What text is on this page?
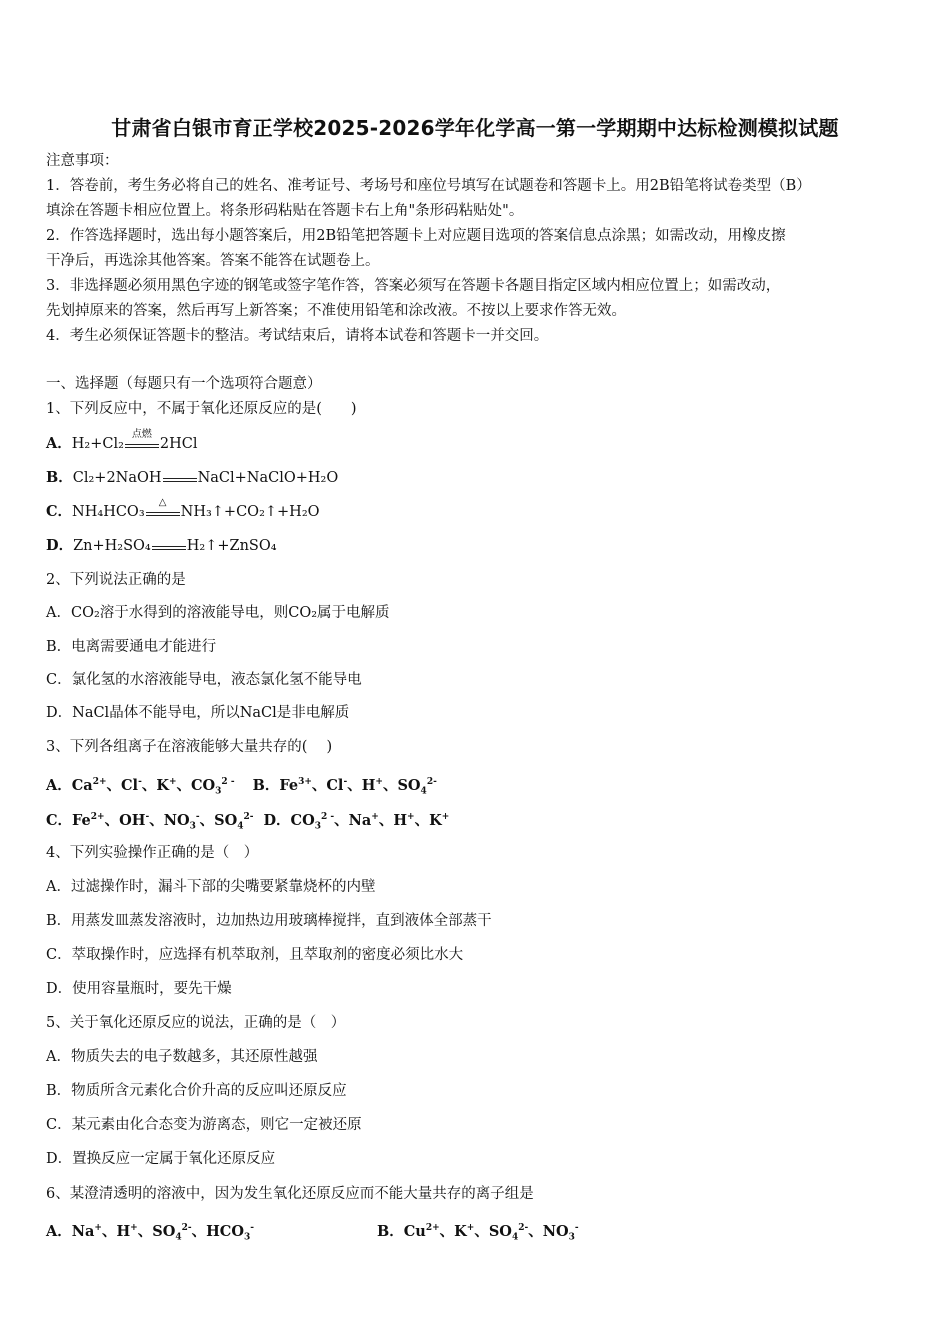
甘肃省白银市育正学校2025-2026学年化学高一第一学期期中达标检测模拟试题
注意事项：
1．答卷前，考生务必将自己的姓名、准考证号、考场号和座位号填写在试题卷和答题卡上。用2B铅笔将试卷类型（B）
填涂在答题卡相应位置上。将条形码粘贴在答题卡右上角"条形码粘贴处"。
2．作答选择题时，选出每小题答案后，用2B铅笔把答题卡上对应题目选项的答案信息点涂黑；如需改动，用橡皮擦
干净后，再选涂其他答案。答案不能答在试题卷上。
3．非选择题必须用黑色字迹的钢笔或签字笔作答，答案必须写在答题卡各题目指定区域内相应位置上；如需改动，
先划掉原来的答案，然后再写上新答案；不准使用铅笔和涂改液。不按以上要求作答无效。
4．考生必须保证答题卡的整洁。考试结束后，请将本试卷和答题卡一并交回。
一、选择题（每题只有一个选项符合题意）
1、下列反应中，不属于氧化还原反应的是(　　)
A．H₂+Cl₂
点燃
2HCl
B．Cl₂+2NaOH NaCl+NaClO+H₂O
C．NH₄HCO₃
△
NH₃↑+CO₂↑+H₂O
D．Zn+H₂SO₄ H₂↑+ZnSO₄
2、下列说法正确的是
A．CO₂溶于水得到的溶液能导电，则CO₂属于电解质
B．电离需要通电才能进行
C．氯化氢的水溶液能导电，液态氯化氢不能导电
D．NaCl晶体不能导电，所以NaCl是非电解质
3、下列各组离子在溶液能够大量共存的(　 )
A．$Ca^{2+}$、Cl-、K+、$CO_3^{2 -}$ B．$Fe^{3+}$、Cl-、H+、$SO_4^{2-}$
C．$Fe^{2+}$、OH-、$NO_3^-$、$SO_4^{2-}$ D．$CO_3^{2 -}$、Na+、H+、K+
4、下列实验操作正确的是（　）
A．过滤操作时，漏斗下部的尖嘴要紧靠烧杯的内壁
B．用蒸发皿蒸发溶液时，边加热边用玻璃棒搅拌，直到液体全部蒸干
C．萃取操作时，应选择有机萃取剂，且萃取剂的密度必须比水大
D．使用容量瓶时，要先干燥
5、关于氧化还原反应的说法，正确的是（　）
A．物质失去的电子数越多，其还原性越强
B．物质所含元素化合价升高的反应叫还原反应
C．某元素由化合态变为游离态，则它一定被还原
D．置换反应一定属于氧化还原反应
6、某澄清透明的溶液中，因为发生氧化还原反应而不能大量共存的离子组是
A．Na+、H+、$SO_4^{2-}$、$HCO_3^-$	B．$Cu^{2+}$、K+、$SO_4^{2-}$、$NO_3^-$
